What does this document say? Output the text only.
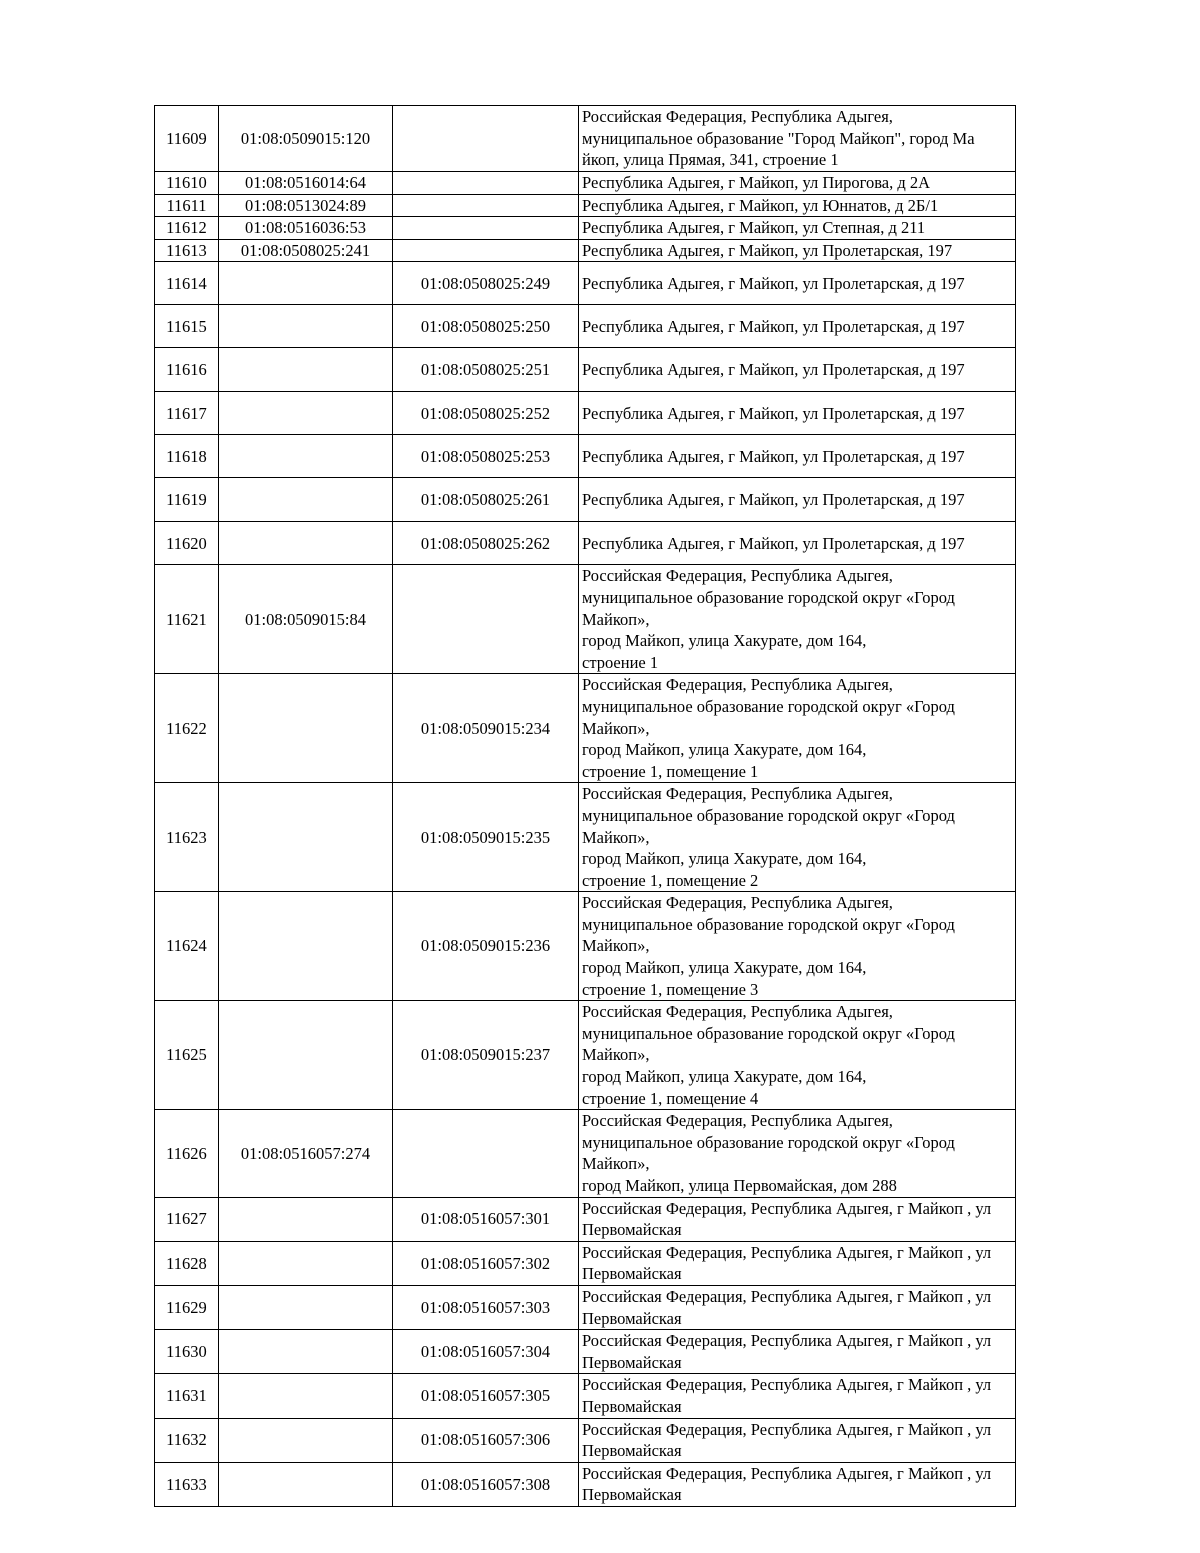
11609	01:08:0509015:120		Российская Федерация, Республика Адыгея,
муниципальное образование "Город Майкоп", город Ма
йкоп, улица Прямая, 341, строение 1

11610	01:08:0516014:64		Республика Адыгея, г Майкоп, ул Пирогова, д 2А
11611	01:08:0513024:89		Республика Адыгея, г Майкоп, ул Юннатов, д 2Б/1
11612	01:08:0516036:53		Республика Адыгея, г Майкоп, ул Степная, д 211
11613	01:08:0508025:241		Республика Адыгея, г Майкоп, ул Пролетарская, 197
11614		01:08:0508025:249	Республика Адыгея, г Майкоп, ул Пролетарская, д 197
11615		01:08:0508025:250	Республика Адыгея, г Майкоп, ул Пролетарская, д 197
11616		01:08:0508025:251	Республика Адыгея, г Майкоп, ул Пролетарская, д 197
11617		01:08:0508025:252	Республика Адыгея, г Майкоп, ул Пролетарская, д 197
11618		01:08:0508025:253	Республика Адыгея, г Майкоп, ул Пролетарская, д 197
11619		01:08:0508025:261	Республика Адыгея, г Майкоп, ул Пролетарская, д 197
11620		01:08:0508025:262	Республика Адыгея, г Майкоп, ул Пролетарская, д 197
11621	01:08:0509015:84		Российская Федерация, Республика Адыгея,
муниципальное образование городской округ «Город Майкоп»,
город Майкоп, улица Хакурате, дом 164,
строение 1

11622		01:08:0509015:234	Российская Федерация, Республика Адыгея,
муниципальное образование городской округ «Город Майкоп»,
город Майкоп, улица Хакурате, дом 164,
строение 1, помещение 1

11623		01:08:0509015:235	Российская Федерация, Республика Адыгея,
муниципальное образование городской округ «Город Майкоп»,
город Майкоп, улица Хакурате, дом 164,
строение 1, помещение 2

11624		01:08:0509015:236	Российская Федерация, Республика Адыгея,
муниципальное образование городской округ «Город Майкоп»,
город Майкоп, улица Хакурате, дом 164,
строение 1, помещение 3

11625		01:08:0509015:237	Российская Федерация, Республика Адыгея,
муниципальное образование городской округ «Город Майкоп»,
город Майкоп, улица Хакурате, дом 164,
строение 1, помещение 4

11626	01:08:0516057:274		Российская Федерация, Республика Адыгея,
муниципальное образование городской округ «Город Майкоп»,
город Майкоп, улица Первомайская, дом 288

11627		01:08:0516057:301	Российская Федерация, Республика Адыгея, г Майкоп , ул Первомайская

11628		01:08:0516057:302	Российская Федерация, Республика Адыгея, г Майкоп , ул Первомайская

11629		01:08:0516057:303	Российская Федерация, Республика Адыгея, г Майкоп , ул Первомайская

11630		01:08:0516057:304	Российская Федерация, Республика Адыгея, г Майкоп , ул Первомайская

11631		01:08:0516057:305	Российская Федерация, Республика Адыгея, г Майкоп , ул Первомайская

11632		01:08:0516057:306	Российская Федерация, Республика Адыгея, г Майкоп , ул Первомайская

11633		01:08:0516057:308	Российская Федерация, Республика Адыгея, г Майкоп , ул Первомайская
